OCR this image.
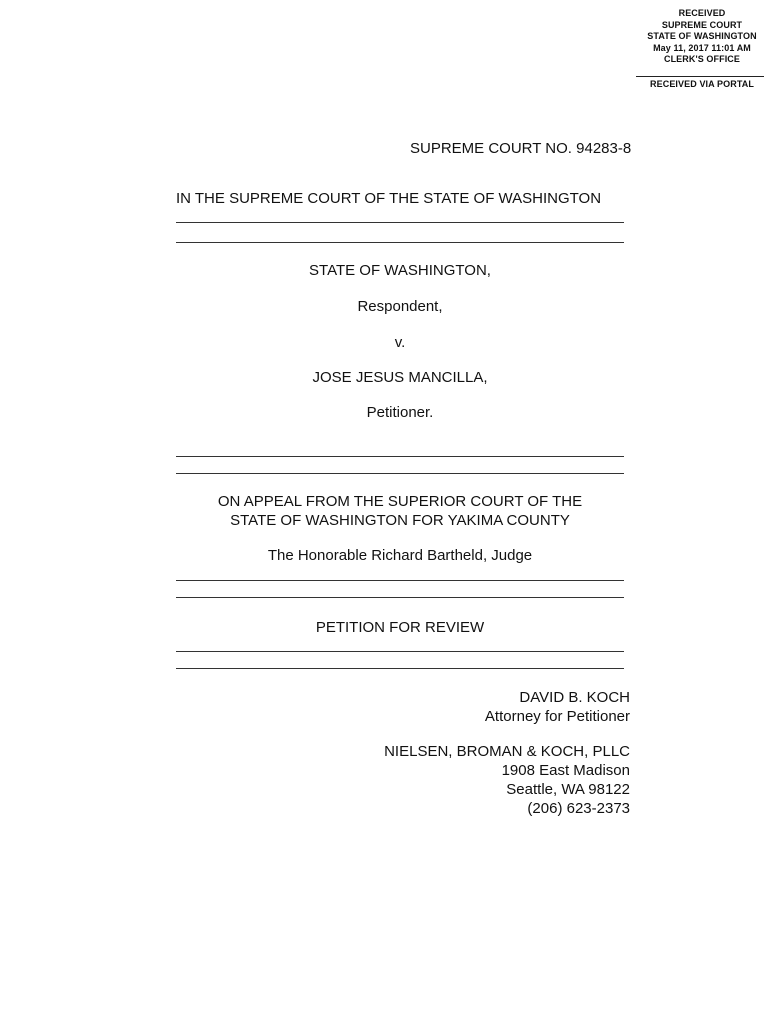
RECEIVED
SUPREME COURT
STATE OF WASHINGTON
May 11, 2017 11:01 AM
CLERK'S OFFICE
RECEIVED VIA PORTAL
SUPREME COURT NO. 94283-8
IN THE SUPREME COURT OF THE STATE OF WASHINGTON
STATE OF WASHINGTON,
Respondent,
v.
JOSE JESUS MANCILLA,
Petitioner.
ON APPEAL FROM THE SUPERIOR COURT OF THE
STATE OF WASHINGTON FOR YAKIMA COUNTY
The Honorable Richard Bartheld, Judge
PETITION FOR REVIEW
DAVID B. KOCH
Attorney for Petitioner
NIELSEN, BROMAN & KOCH, PLLC
1908 East Madison
Seattle, WA 98122
(206) 623-2373
